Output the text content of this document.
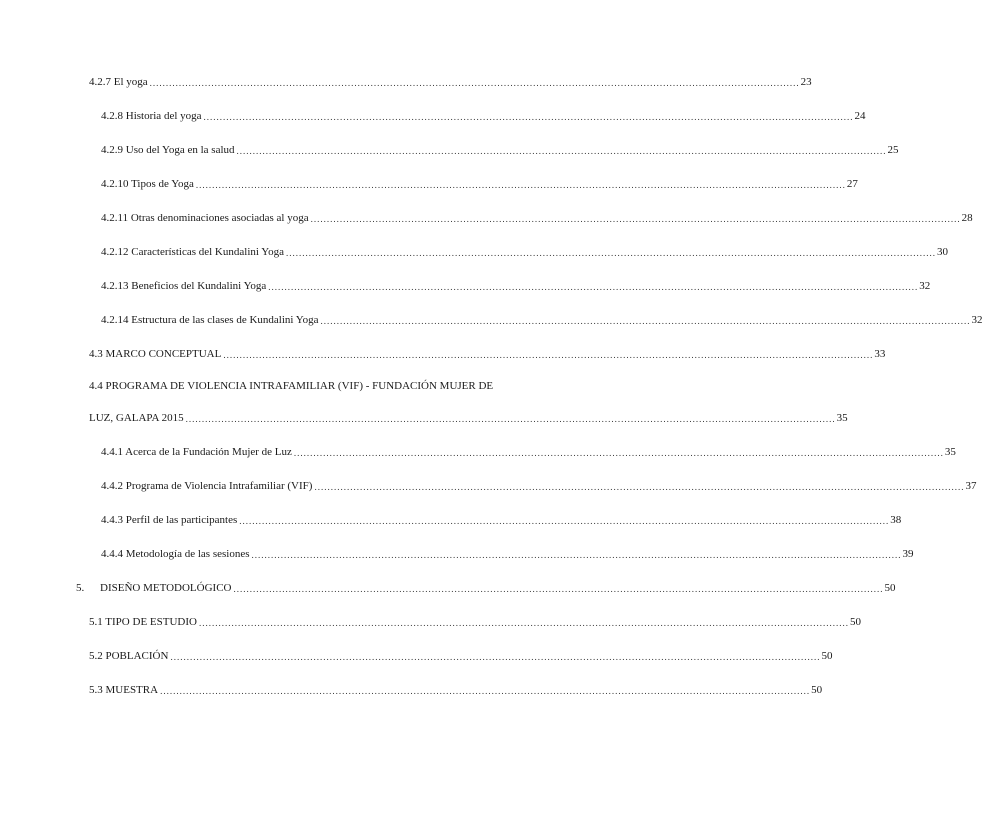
4.2.7 El yoga ........................................................................................................................................................................................................ 23
4.2.8 Historia del yoga ........................................................................................................................................................................................................ 24
4.2.9 Uso del Yoga en la salud ........................................................................................................................................................................................................ 25
4.2.10 Tipos de Yoga ........................................................................................................................................................................................................ 27
4.2.11 Otras denominaciones asociadas al yoga ........................................................................................................................................................................................................ 28
4.2.12 Características del Kundalini Yoga ........................................................................................................................................................................................................ 30
4.2.13 Beneficios del Kundalini Yoga ........................................................................................................................................................................................................ 32
4.2.14 Estructura de las clases de Kundalini Yoga ........................................................................................................................................................................................................ 32
4.3 MARCO CONCEPTUAL ........................................................................................................................................................................................................ 33
4.4 PROGRAMA DE VIOLENCIA INTRAFAMILIAR (VIF) - FUNDACIÓN MUJER DE
LUZ, GALAPA 2015 ........................................................................................................................................................................................................ 35
4.4.1 Acerca de la Fundación Mujer de Luz ........................................................................................................................................................................................................ 35
4.4.2 Programa de Violencia Intrafamiliar (VIF) ........................................................................................................................................................................................................ 37
4.4.3 Perfil de las participantes ........................................................................................................................................................................................................ 38
4.4.4 Metodología de las sesiones ........................................................................................................................................................................................................ 39
5.	DISEÑO METODOLÓGICO ........................................................................................................................................................................................................ 50
5.1 TIPO DE ESTUDIO ........................................................................................................................................................................................................ 50
5.2 POBLACIÓN ........................................................................................................................................................................................................ 50
5.3 MUESTRA ........................................................................................................................................................................................................ 50
